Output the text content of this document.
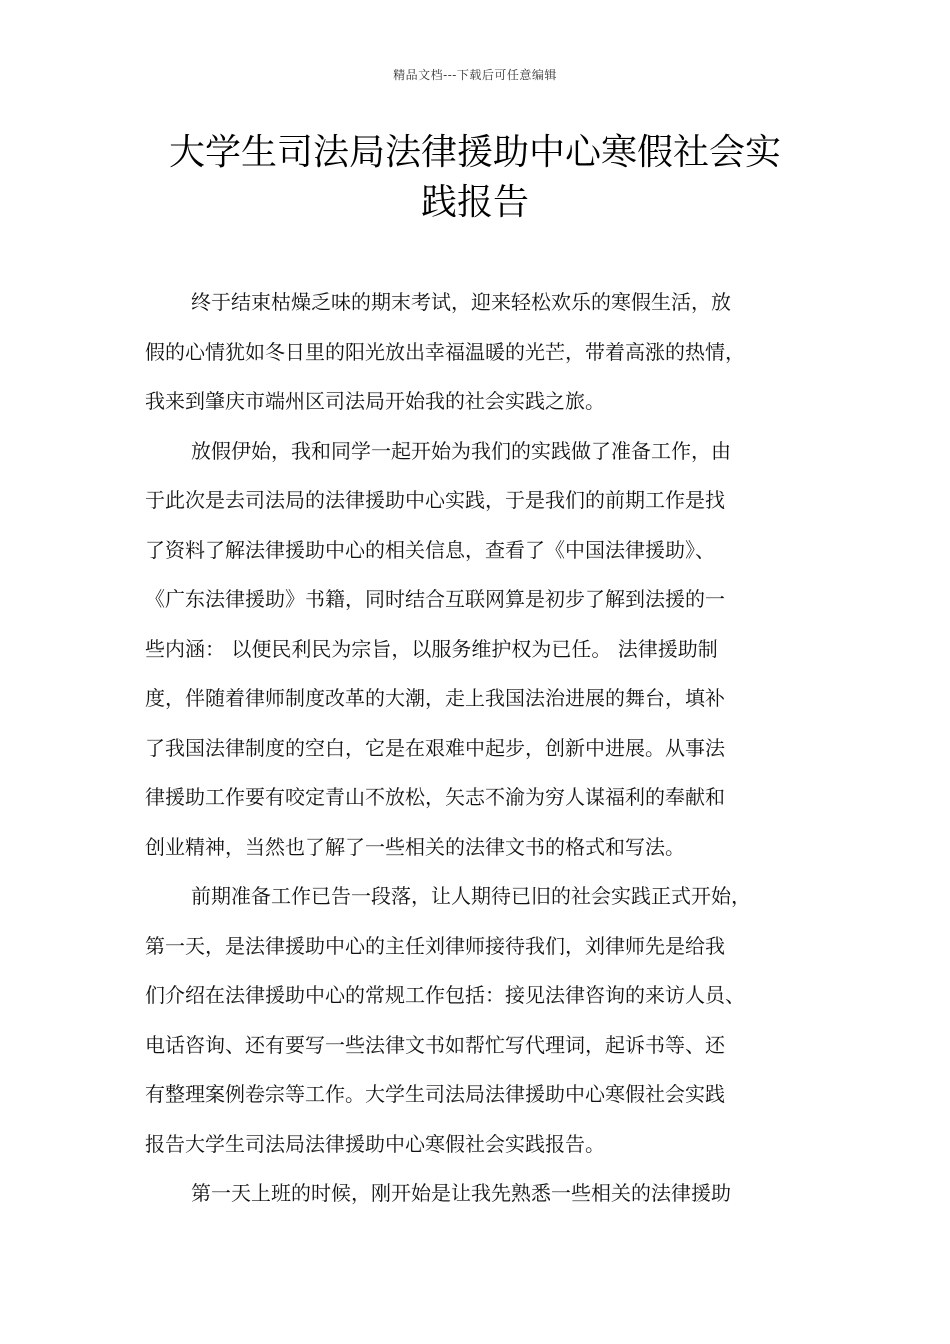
精品文档---下载后可任意编辑
大学生司法局法律援助中心寒假社会实
践报告

终于结束枯燥乏味的期末考试，迎来轻松欢乐的寒假生活，放
假的心情犹如冬日里的阳光放出幸福温暖的光芒，带着高涨的热情，
我来到肇庆市端州区司法局开始我的社会实践之旅。

放假伊始，我和同学一起开始为我们的实践做了准备工作，由
于此次是去司法局的法律援助中心实践，于是我们的前期工作是找
了资料了解法律援助中心的相关信息，查看了《中国法律援助》、
《广东法律援助》书籍，同时结合互联网算是初步了解到法援的一
些内涵： 以便民利民为宗旨，以服务维护权为已任。 法律援助制
度，伴随着律师制度改革的大潮，走上我国法治进展的舞台，填补
了我国法律制度的空白，它是在艰难中起步，创新中进展。从事法
律援助工作要有咬定青山不放松，矢志不渝为穷人谋福利的奉献和
创业精神，当然也了解了一些相关的法律文书的格式和写法。

前期准备工作已告一段落，让人期待已旧的社会实践正式开始，
第一天，是法律援助中心的主任刘律师接待我们，刘律师先是给我
们介绍在法律援助中心的常规工作包括：接见法律咨询的来访人员、
电话咨询、还有要写一些法律文书如帮忙写代理词，起诉书等、还
有整理案例卷宗等工作。大学生司法局法律援助中心寒假社会实践
报告大学生司法局法律援助中心寒假社会实践报告。

第一天上班的时候，刚开始是让我先熟悉一些相关的法律援助
